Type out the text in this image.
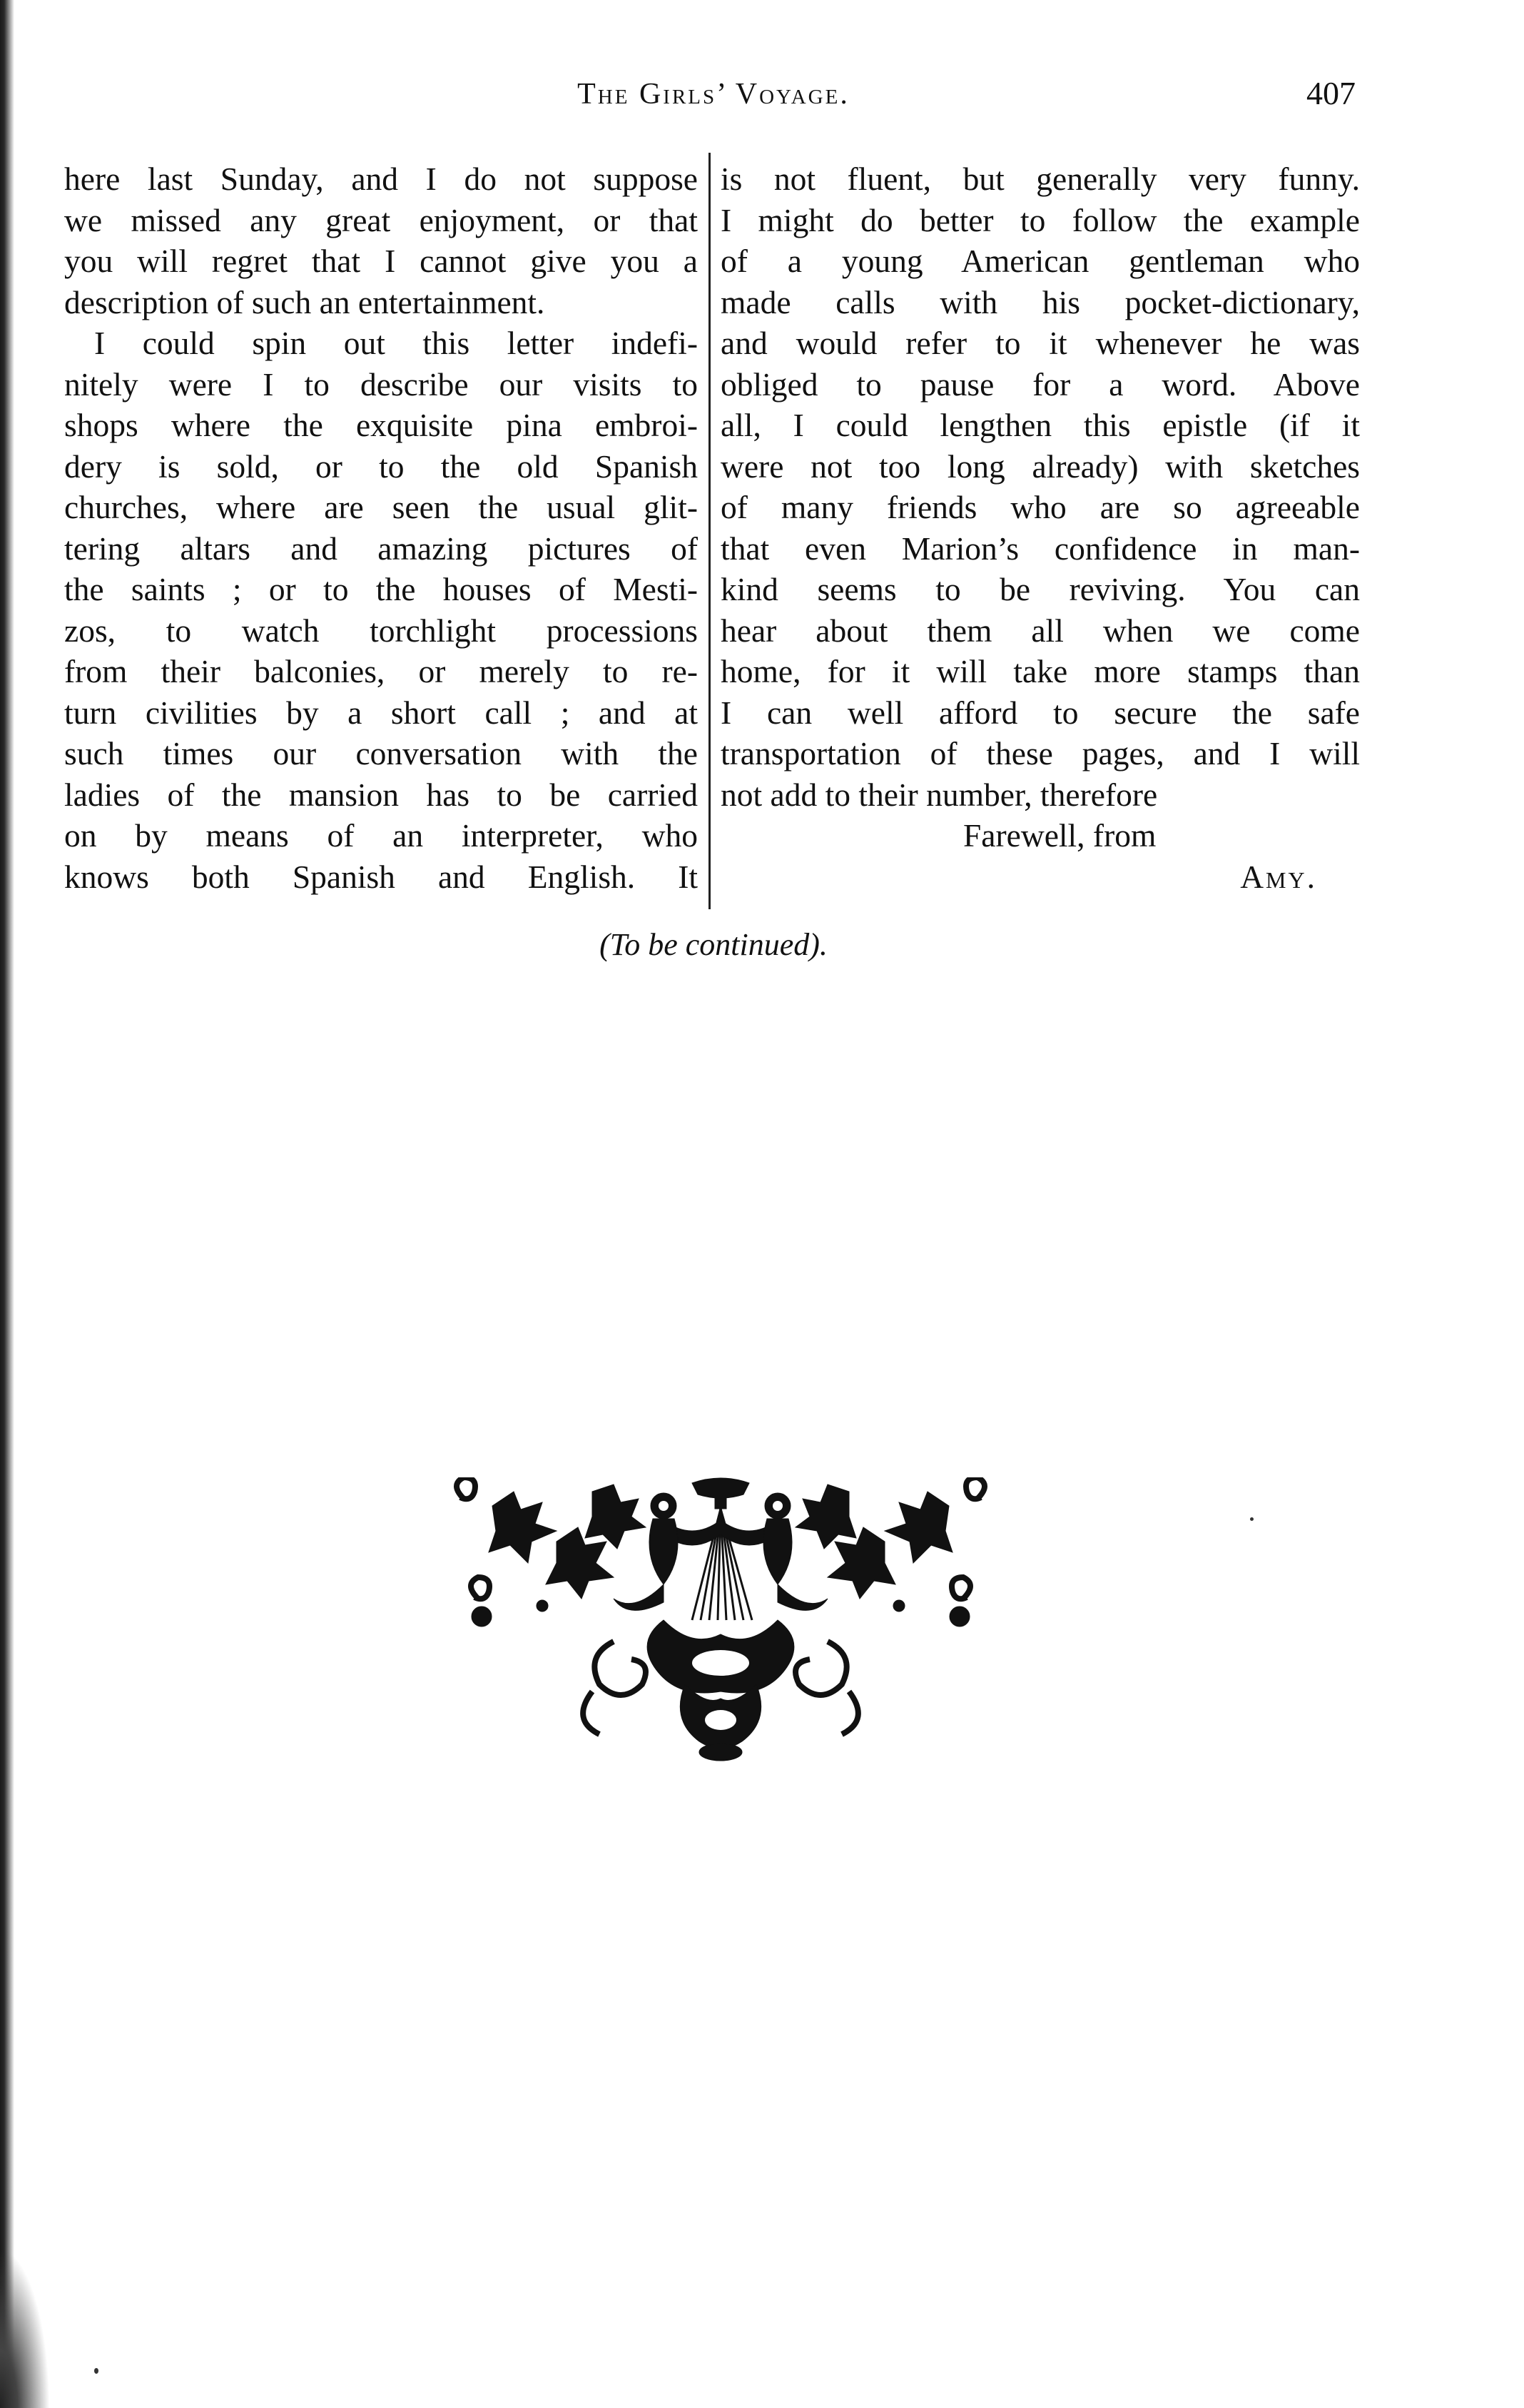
The Girls’ Voyage.	407
here last Sunday, and I do not suppose
we missed any great enjoyment, or that
you will regret that I cannot give you a
description of such an entertainment.
I could spin out this letter indefi-
nitely were I to describe our visits to
shops where the exquisite pina embroi-
dery is sold, or to the old Spanish
churches, where are seen the usual glit-
tering altars and amazing pictures of
the saints ; or to the houses of Mesti-
zos, to watch torchlight processions
from their balconies, or merely to re-
turn civilities by a short call ; and at
such times our conversation with the
ladies of the mansion has to be carried
on by means of an interpreter, who
knows both Spanish and English. It
is not fluent, but generally very funny.
I might do better to follow the example
of a young American gentleman who
made calls with his pocket-dictionary,
and would refer to it whenever he was
obliged to pause for a word. Above
all, I could lengthen this epistle (if it
were not too long already) with sketches
of many friends who are so agreeable
that even Marion’s confidence in man-
kind seems to be reviving. You can
hear about them all when we come
home, for it will take more stamps than
I can well afford to secure the safe
transportation of these pages, and I will
not add to their number, therefore
Farewell, from
Amy.
(To be continued).
